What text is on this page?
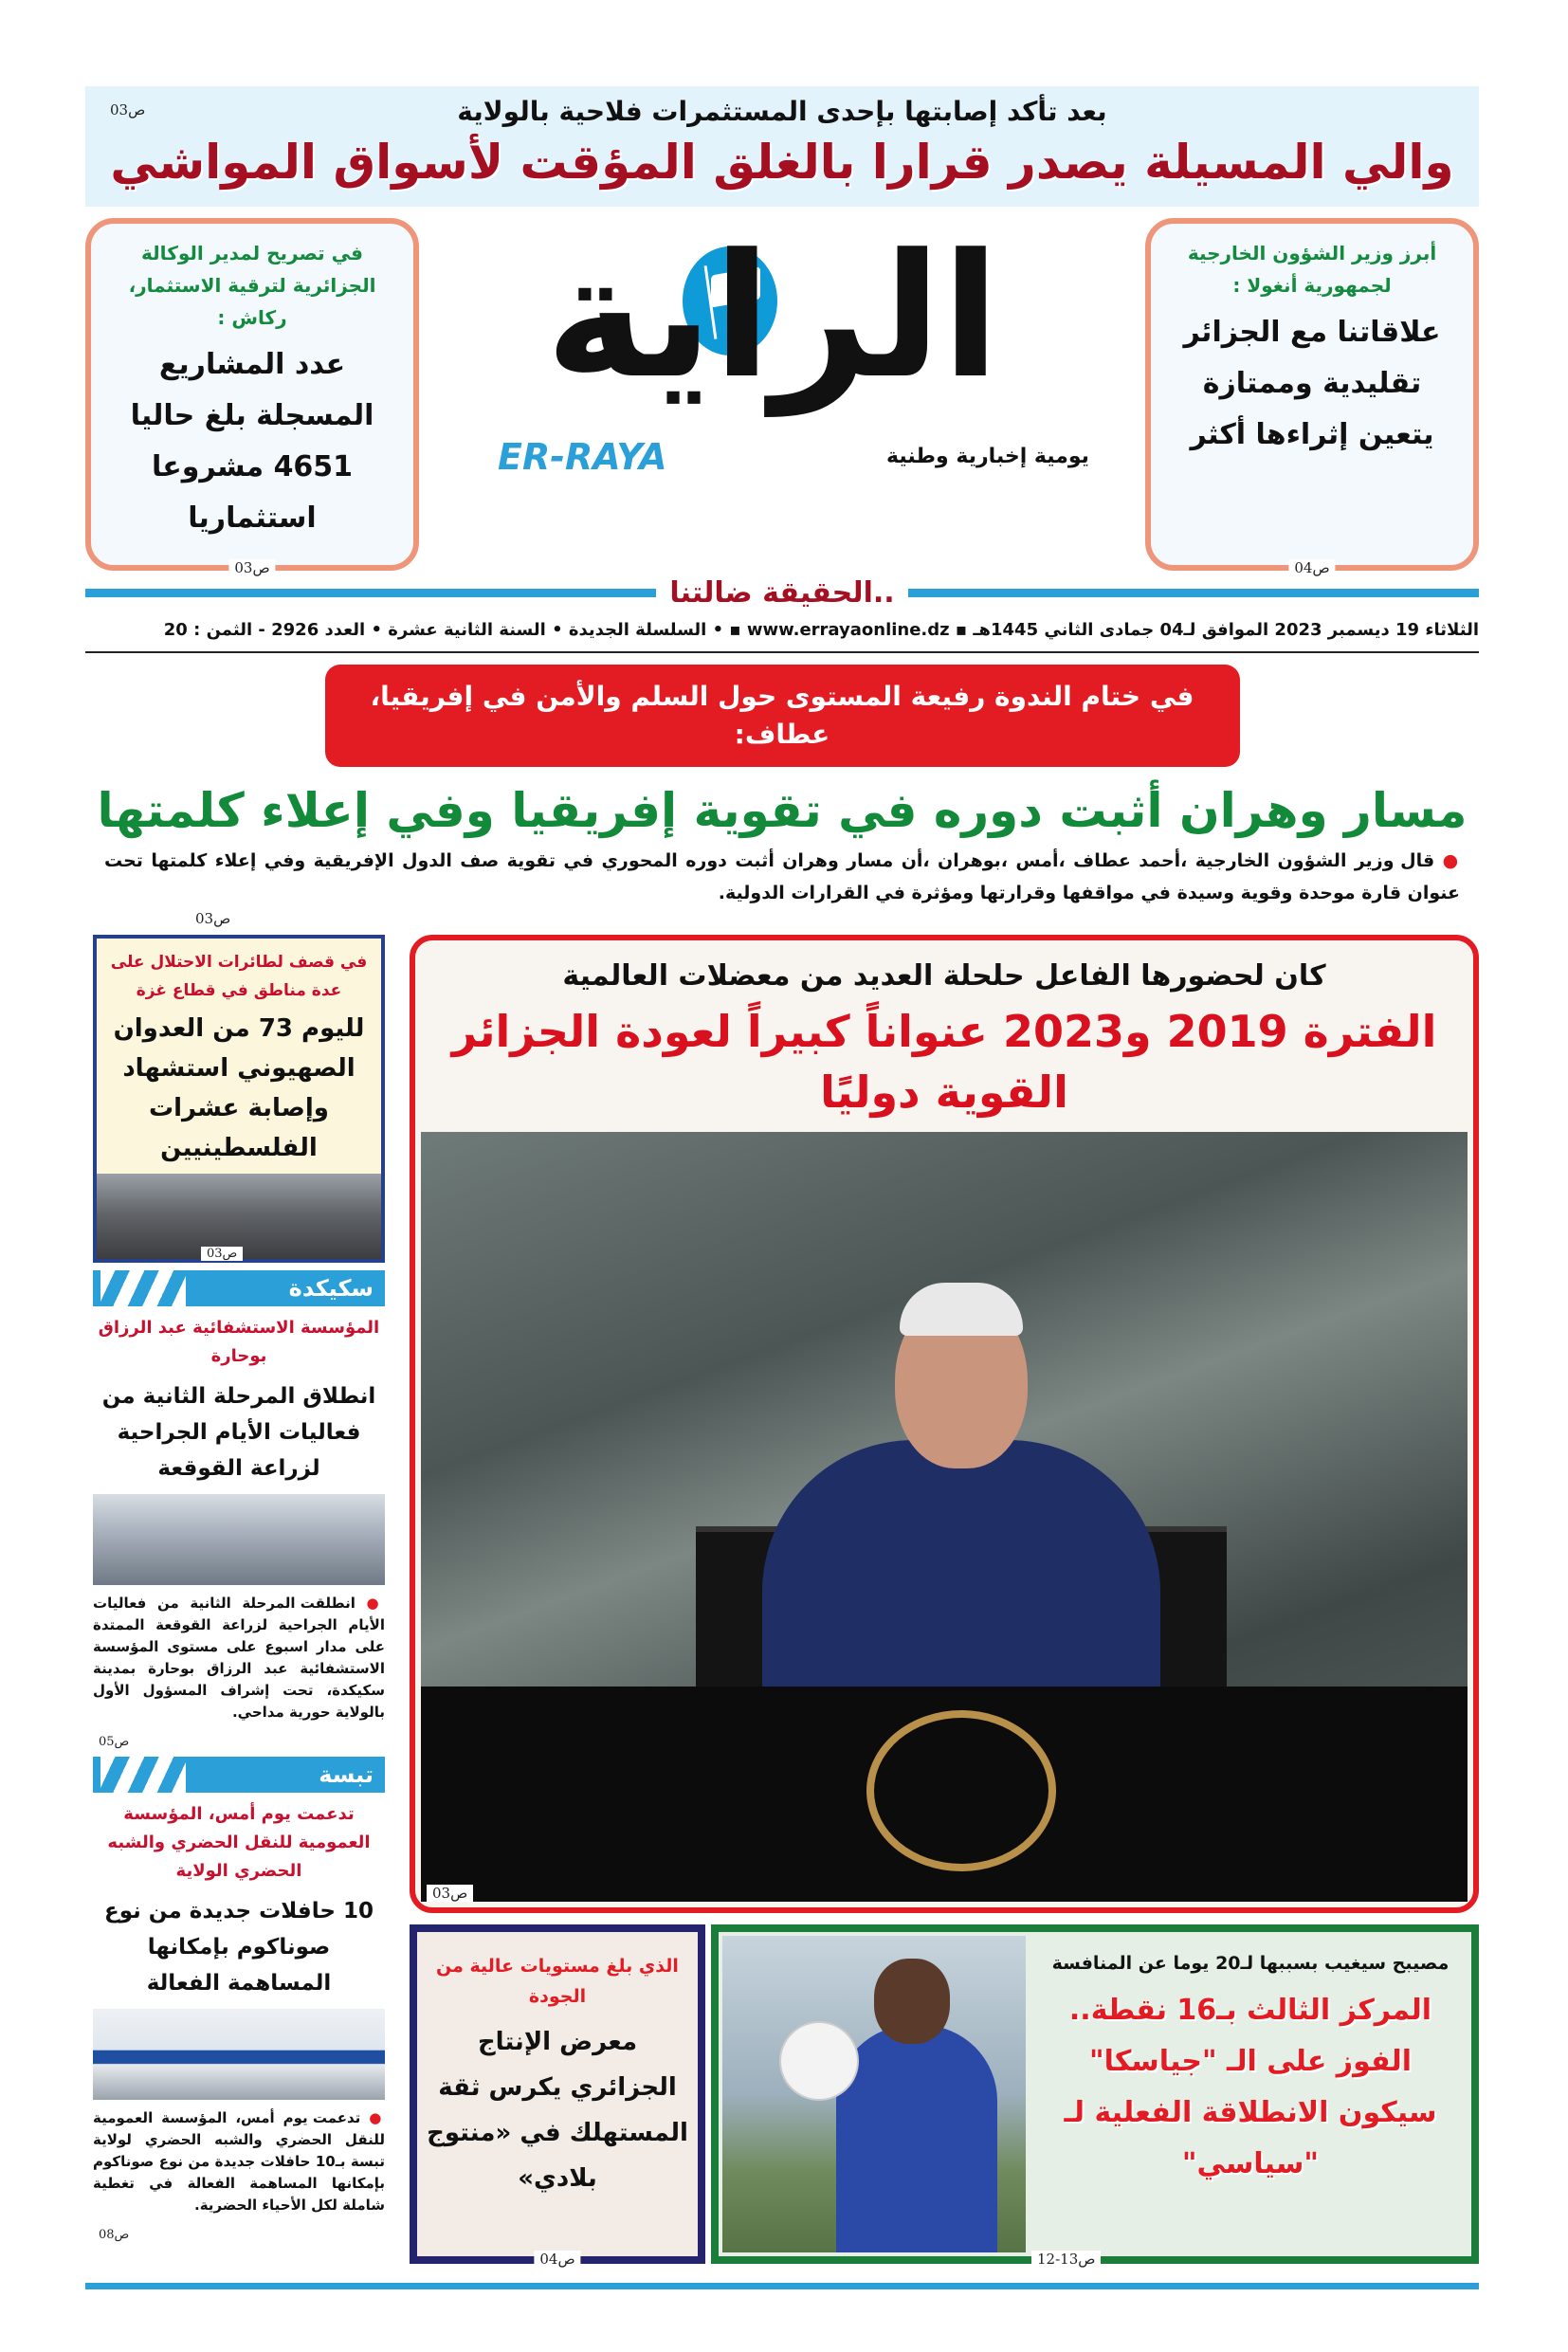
بعد تأكد إصابتها بإحدى المستثمرات فلاحية بالولاية
ص03
والي المسيلة يصدر قرارا بالغلق المؤقت لأسواق المواشي
في تصريح لمدير الوكالة الجزائرية لترقية الاستثمار، ركاش :
عدد المشاريع المسجلة بلغ حاليا 4651 مشروعا استثماريا
ص03
الراية
ER-RAYA	يومية إخبارية وطنية
أبرز وزير الشؤون الخارجية لجمهورية أنغولا :
علاقاتنا مع الجزائر تقليدية وممتازة يتعين إثراءها أكثر
ص04
..الحقيقة ضالتنا
الثلاثاء 19 ديسمبر 2023 الموافق لـ04 جمادى الثاني 1445هـ ▪ www.errayaonline.dz ▪ • السلسلة الجديدة • السنة الثانية عشرة • العدد 2926 - الثمن : 20
في ختام الندوة رفيعة المستوى حول السلم والأمن في إفريقيا، عطاف:
مسار وهران أثبت دوره في تقوية إفريقيا وفي إعلاء كلمتها
● قال وزير الشؤون الخارجية ،أحمد عطاف ،أمس ،بوهران ،أن مسار وهران أثبت دوره المحوري في تقوية صف الدول الإفريقية وفي إعلاء كلمتها تحت عنوان قارة موحدة وقوية وسيدة في مواقفها وقرارتها ومؤثرة في القرارات الدولية.
ص03
في قصف لطائرات الاحتلال على عدة مناطق في قطاع غزة
لليوم 73 من العدوان الصهيوني استشهاد وإصابة عشرات الفلسطينيين
ص03
سكيكدة
المؤسسة الاستشفائية عبد الرزاق بوحارة
انطلاق المرحلة الثانية من فعاليات الأيام الجراحية لزراعة القوقعة
● انطلقت المرحلة الثانية من فعاليات الأيام الجراحية لزراعة القوقعة الممتدة على مدار اسبوع على مستوى المؤسسة الاستشفائية عبد الرزاق بوحارة بمدينة سكيكدة، تحت إشراف المسؤول الأول بالولاية حورية مداحي.
ص05
تبسة
تدعمت يوم أمس، المؤسسة العمومية للنقل الحضري والشبه الحضري الولاية
10 حافلات جديدة من نوع صوناكوم بإمكانها المساهمة الفعالة
● تدعمت يوم أمس، المؤسسة العمومية للنقل الحضري والشبه الحضري لولاية تبسة بـ10 حافلات جديدة من نوع صوناكوم بإمكانها المساهمة الفعالة في تغطية شاملة لكل الأحياء الحضرية.
ص08
كان لحضورها الفاعل حلحلة العديد من معضلات العالمية
الفترة 2019 و2023 عنواناً كبيراً لعودة الجزائر القوية دوليًا
ص03
الذي بلغ مستويات عالية من الجودة
معرض الإنتاج الجزائري يكرس ثقة المستهلك في «منتوج بلادي»
ص04
مصيبح سيغيب بسببها لـ20 يوما عن المنافسة
المركز الثالث بـ16 نقطة.. الفوز على الـ "جياسكا" سيكون الانطلاقة الفعلية لـ "سياسي"
ص13-12
